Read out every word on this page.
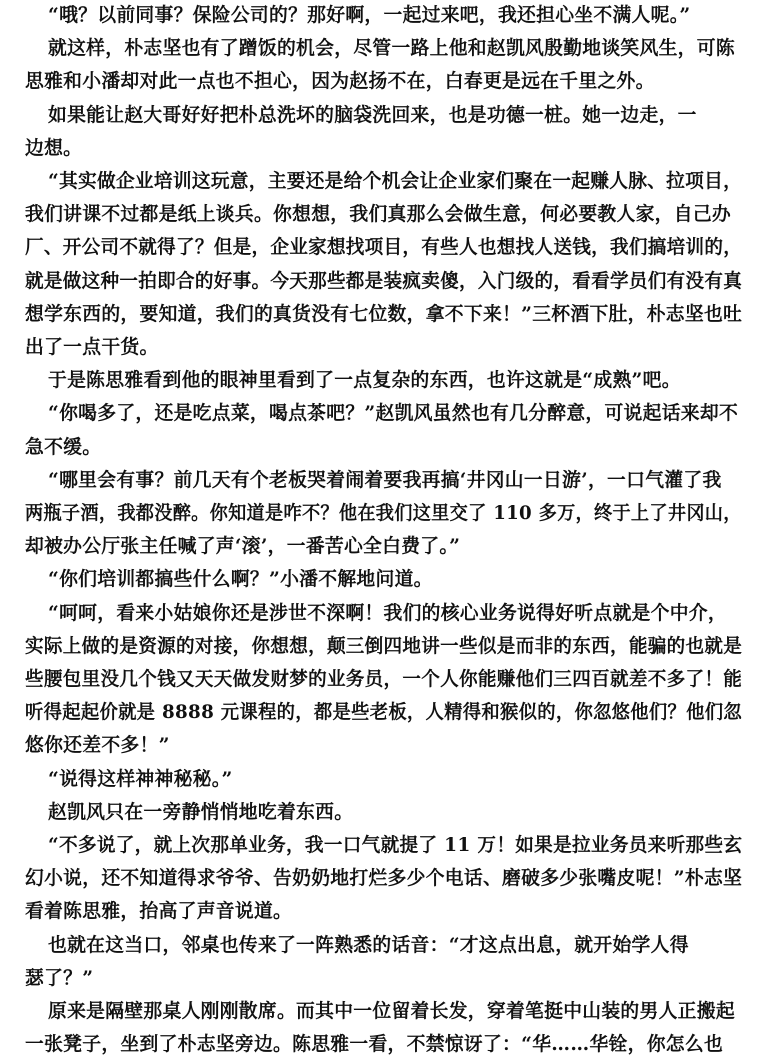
“哦？以前同事？保险公司的？那好啊，一起过来吧，我还担心坐不满人呢。”
就这样，朴志坚也有了蹭饭的机会，尽管一路上他和赵凯风殷勤地谈笑风生，可陈
思雅和小潘却对此一点也不担心，因为赵扬不在，白春更是远在千里之外。
如果能让赵大哥好好把朴总洗坏的脑袋洗回来，也是功德一桩。她一边走，一
边想。
“其实做企业培训这玩意，主要还是给个机会让企业家们聚在一起赚人脉、拉项目，
我们讲课不过都是纸上谈兵。你想想，我们真那么会做生意，何必要教人家，自己办
厂、开公司不就得了？但是，企业家想找项目，有些人也想找人送钱，我们搞培训的，
就是做这种一拍即合的好事。今天那些都是装疯卖傻，入门级的，看看学员们有没有真
想学东西的，要知道，我们的真货没有七位数，拿不下来！”三杯酒下肚，朴志坚也吐
出了一点干货。
于是陈思雅看到他的眼神里看到了一点复杂的东西，也许这就是“成熟”吧。
“你喝多了，还是吃点菜，喝点茶吧？”赵凯风虽然也有几分醉意，可说起话来却不
急不缓。
“哪里会有事？前几天有个老板哭着闹着要我再搞‘井冈山一日游’，一口气灌了我
两瓶子酒，我都没醉。你知道是咋不？他在我们这里交了 110 多万，终于上了井冈山，
却被办公厅张主任喊了声‘滚’，一番苦心全白费了。”
“你们培训都搞些什么啊？”小潘不解地问道。
“呵呵，看来小姑娘你还是涉世不深啊！我们的核心业务说得好听点就是个中介，
实际上做的是资源的对接，你想想，颠三倒四地讲一些似是而非的东西，能骗的也就是
些腰包里没几个钱又天天做发财梦的业务员，一个人你能赚他们三四百就差不多了！能
听得起起价就是 8888 元课程的，都是些老板，人精得和猴似的，你忽悠他们？他们忽
悠你还差不多！”
“说得这样神神秘秘。”
赵凯风只在一旁静悄悄地吃着东西。
“不多说了，就上次那单业务，我一口气就提了 11 万！如果是拉业务员来听那些玄
幻小说，还不知道得求爷爷、告奶奶地打烂多少个电话、磨破多少张嘴皮呢！”朴志坚
看着陈思雅，抬高了声音说道。
也就在这当口，邻桌也传来了一阵熟悉的话音：“才这点出息，就开始学人得
瑟了？”
原来是隔壁那桌人刚刚散席。而其中一位留着长发，穿着笔挺中山装的男人正搬起
一张凳子，坐到了朴志坚旁边。陈思雅一看，不禁惊讶了：“华……华铨，你怎么也
